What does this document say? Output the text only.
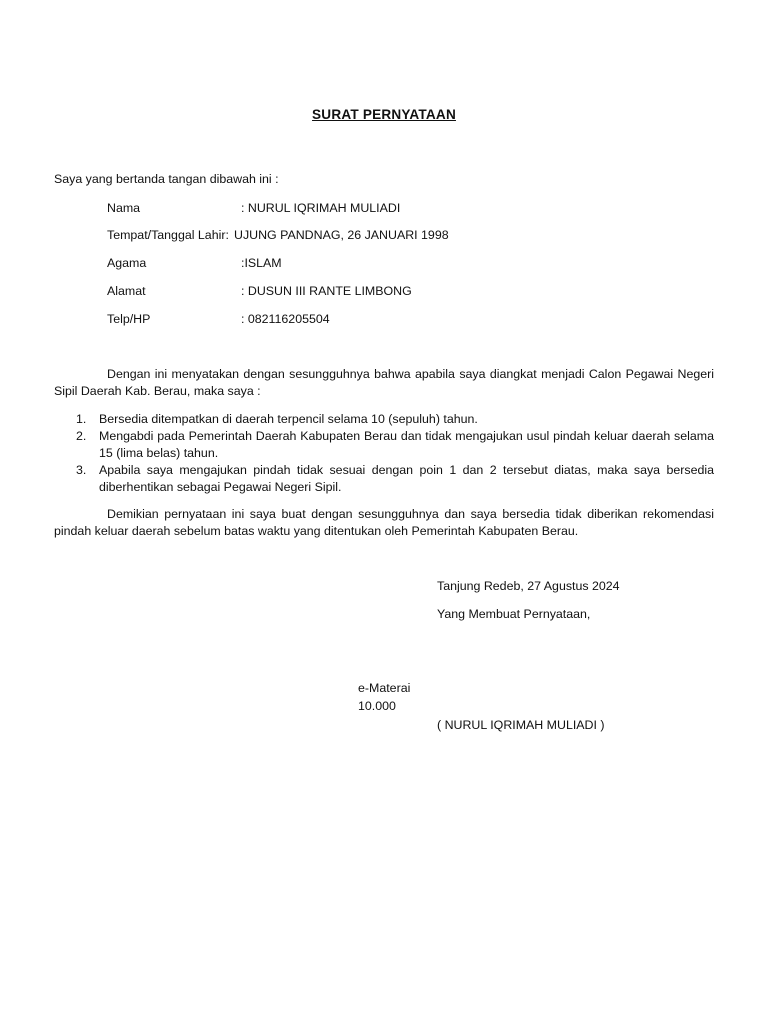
SURAT PERNYATAAN
Saya yang bertanda tangan dibawah ini :
Nama	: NURUL IQRIMAH MULIADI
Tempat/Tanggal Lahir: UJUNG PANDNAG, 26 JANUARI 1998
Agama	:ISLAM
Alamat	: DUSUN III RANTE LIMBONG
Telp/HP	: 082116205504

Dengan ini menyatakan dengan sesungguhnya bahwa apabila saya diangkat menjadi Calon Pegawai Negeri Sipil Daerah Kab. Berau, maka saya :

1. Bersedia ditempatkan di daerah terpencil selama 10 (sepuluh) tahun.
2. Mengabdi pada Pemerintah Daerah Kabupaten Berau dan tidak mengajukan usul pindah keluar daerah selama 15 (lima belas) tahun.
3. Apabila saya mengajukan pindah tidak sesuai dengan poin 1 dan 2 tersebut diatas, maka saya bersedia diberhentikan sebagai Pegawai Negeri Sipil.

Demikian pernyataan ini saya buat dengan sesungguhnya dan saya bersedia tidak diberikan rekomendasi pindah keluar daerah sebelum batas waktu yang ditentukan oleh Pemerintah Kabupaten Berau.

Tanjung Redeb, 27 Agustus 2024
Yang Membuat Pernyataan,
e-Materai
10.000
( NURUL IQRIMAH MULIADI )
